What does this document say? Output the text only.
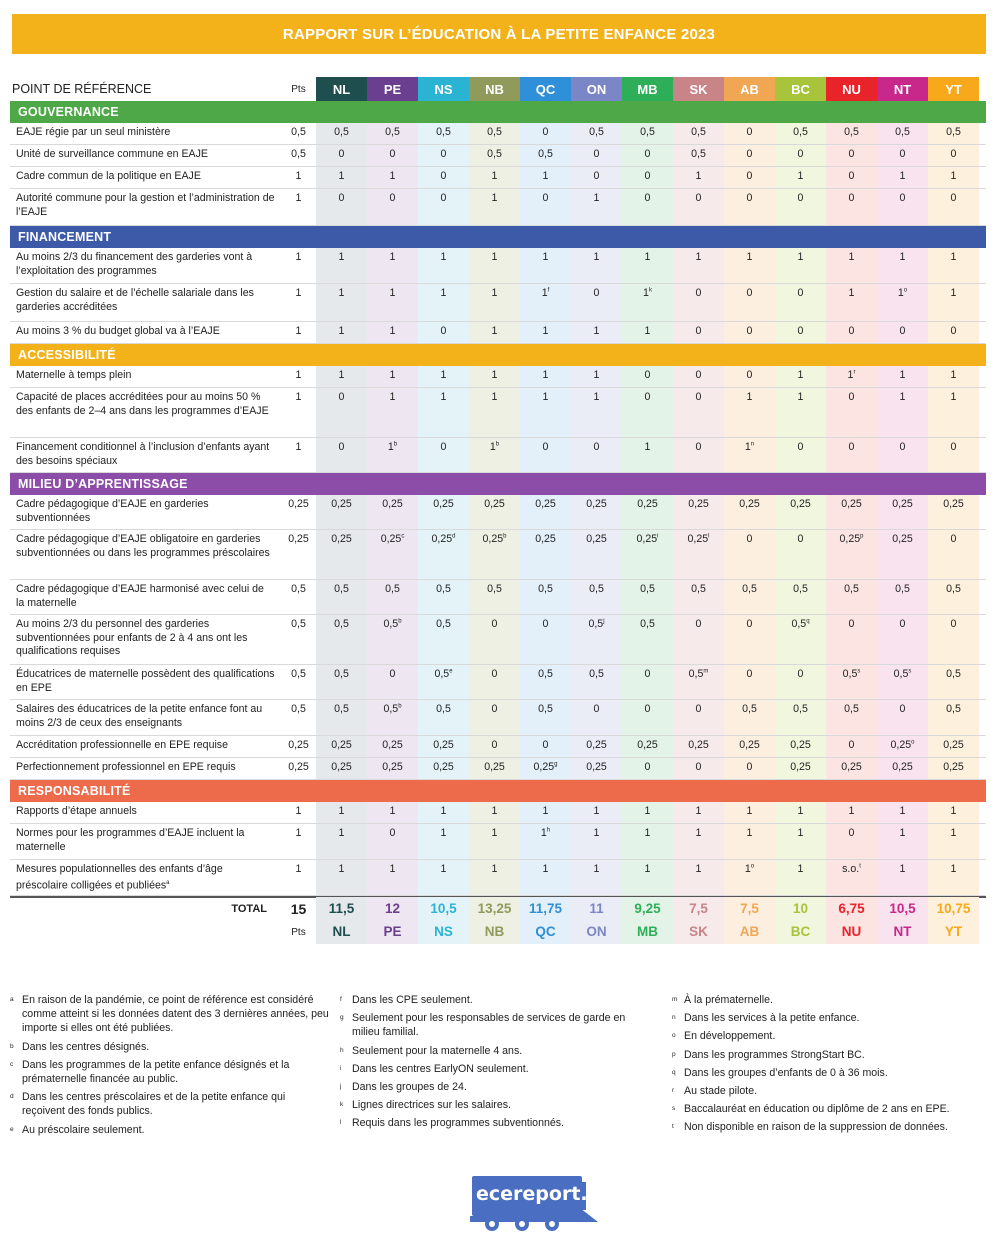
RAPPORT SUR L’ÉDUCATION À LA PETITE ENFANCE 2023
POINT DE RÉFÉRENCE	Pts	NL	PE	NS	NB	QC	ON	MB	SK	AB	BC	NU	NT	YT
GOUVERNANCE
EAJE régie par un seul ministère	0,5	0,5	0,5	0,5	0,5	0	0,5	0,5	0,5	0	0,5	0,5	0,5	0,5
Unité de surveillance commune en EAJE	0,5	0	0	0	0,5	0,5	0	0	0,5	0	0	0	0	0
Cadre commun de la politique en EAJE	1	1	1	0	1	1	0	0	1	0	1	0	1	1
Autorité commune pour la gestion et l’administration de l’EAJE
1	0	0	0	1	0	1	0	0	0	0	0	0	0
FINANCEMENT
Au moins 2/3 du financement des garderies vont à l’exploitation des programmes
1	1	1	1	1	1	1	1	1	1	1	1	1	1
Gestion du salaire et de l’échelle salariale dans les garderies accréditées
1	1	1	1	1	1$^f$	0	1$^k$	0	0	0	1	1$^o$	1
Au moins 3 % du budget global va à l’EAJE	1	1	1	0	1	1	1	1	0	0	0	0	0	0
ACCESSIBILITÉ
Maternelle à temps plein	1	1	1	1	1	1	1	0	0	0	1	1$^r$	1	1
Capacité de places accréditées pour au moins 50 % des enfants de 2–4 ans dans les programmes d’EAJE
1	0	1	1	1	1	1	0	0	1	1	0	1	1
Financement conditionnel à l’inclusion d’enfants ayant des besoins spéciaux
1	0	1$^b$	0	1$^b$	0	0	1	0	1$^n$	0	0	0	0
MILIEU D’APPRENTISSAGE
Cadre pédagogique d’EAJE en garderies subventionnées
0,25	0,25	0,25	0,25	0,25	0,25	0,25	0,25	0,25	0,25	0,25	0,25	0,25	0,25
Cadre pédagogique d’EAJE obligatoire en garderies subventionnées ou dans les programmes préscolaires
0,25	0,25	0,25$^c$	0,25$^d$	0,25$^b$	0,25	0,25	0,25$^i$	0,25$^l$	0	0	0,25$^p$	0,25	0
Cadre pédagogique d’EAJE harmonisé avec celui de la maternelle
0,5	0,5	0,5	0,5	0,5	0,5	0,5	0,5	0,5	0,5	0,5	0,5	0,5	0,5
Au moins 2/3 du personnel des garderies subventionnées pour enfants de 2 à 4 ans ont les qualifications requises
0,5	0,5	0,5$^b$	0,5	0	0	0,5$^j$	0,5	0	0	0,5$^q$	0	0	0
Éducatrices de maternelle possèdent des qualifications en EPE
0,5	0,5	0	0,5e	0	0,5	0,5	0	0,5$^m$	0	0	0,5$^s$	0,5$^s$	0,5
Salaires des éducatrices de la petite enfance font au moins 2/3 de ceux des enseignants
0,5	0,5	0,5$^b$	0,5	0	0,5	0	0	0	0,5	0,5	0,5	0	0,5
Accréditation professionnelle en EPE requise	0,25	0,25	0,25	0,25	0	0	0,25	0,25	0,25	0,25	0,25	0	0,25$^o$	0,25
Perfectionnement professionnel en EPE requis	0,25	0,25	0,25	0,25	0,25	0,25$^g$	0,25	0	0	0	0,25	0,25	0,25	0,25
RESPONSABILITÉ
Rapports d’étape annuels	1	1	1	1	1	1	1	1	1	1	1	1	1	1
Normes pour les programmes d’EAJE incluent la maternelle
1	1	0	1	1	1$^h$	1	1	1	1	1	0	1	1
Mesures populationnelles des enfants d’âge préscolaire colligées et publiées$^a$
1	1	1	1	1	1	1	1	1	1$^o$	1	s.o.$^t$	1	1
TOTAL	15	11,5	12	10,5	13,25	11,75	11	9,25	7,5	7,5	10	6,75	10,5	10,75
Pts	NL	PE	NS	NB	QC	ON	MB	SK	AB	BC	NU	NT	YT
a En raison de la pandémie, ce point de référence est considéré comme atteint si les données datent des 3 dernières années, peu importe si elles ont été publiées.
b Dans les centres désignés.
c Dans les programmes de la petite enfance désignés et la prématernelle financée au public.
d Dans les centres préscolaires et de la petite enfance qui reçoivent des fonds publics.
e Au préscolaire seulement.
f Dans les CPE seulement.
g Seulement pour les responsables de services de garde en milieu familial.
h Seulement pour la maternelle 4 ans.
i Dans les centres EarlyON seulement.
j Dans les groupes de 24.
k Lignes directrices sur les salaires.
l Requis dans les programmes subventionnés.
m À la prématernelle.
n Dans les services à la petite enfance.
o En développement.
p Dans les programmes StrongStart BC.
q Dans les groupes d’enfants de 0 à 36 mois.
r Au stade pilote.
s Baccalauréat en éducation ou diplôme de 2 ans en EPE.
t Non disponible en raison de la suppression de données.
ecereport.ca
